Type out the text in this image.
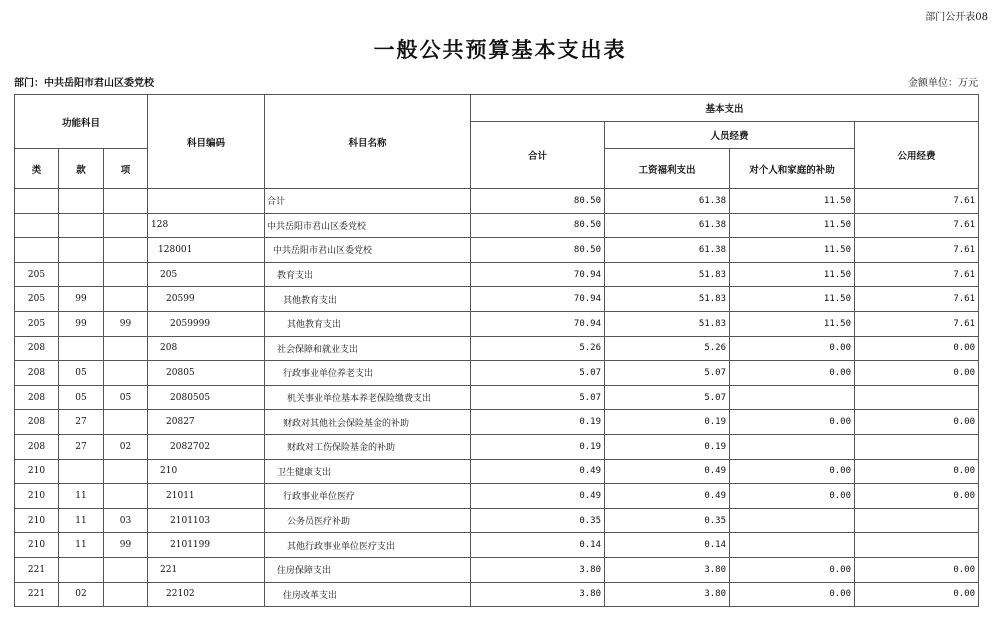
部门公开表08
一般公共预算基本支出表
部门：中共岳阳市君山区委党校	金额单位：万元
功能科目			科目编码	科目名称	基本支出			
					合计	人员经费		公用经费
类	款	项				工资福利支出	对个人和家庭的补助	
				合计	80.50	61.38	11.50	7.61
			128	中共岳阳市君山区委党校	80.50	61.38	11.50	7.61
			128001	中共岳阳市君山区委党校	80.50	61.38	11.50	7.61
205			205	教育支出	70.94	51.83	11.50	7.61
205	99		20599	其他教育支出	70.94	51.83	11.50	7.61
205	99	99	2059999	其他教育支出	70.94	51.83	11.50	7.61
208			208	社会保障和就业支出	5.26	5.26	0.00	0.00
208	05		20805	行政事业单位养老支出	5.07	5.07	0.00	0.00
208	05	05	2080505	机关事业单位基本养老保险缴费支出	5.07	5.07		
208	27		20827	财政对其他社会保险基金的补助	0.19	0.19	0.00	0.00
208	27	02	2082702	财政对工伤保险基金的补助	0.19	0.19		
210			210	卫生健康支出	0.49	0.49	0.00	0.00
210	11		21011	行政事业单位医疗	0.49	0.49	0.00	0.00
210	11	03	2101103	公务员医疗补助	0.35	0.35		
210	11	99	2101199	其他行政事业单位医疗支出	0.14	0.14		
221			221	住房保障支出	3.80	3.80	0.00	0.00
221	02		22102	住房改革支出	3.80	3.80	0.00	0.00
